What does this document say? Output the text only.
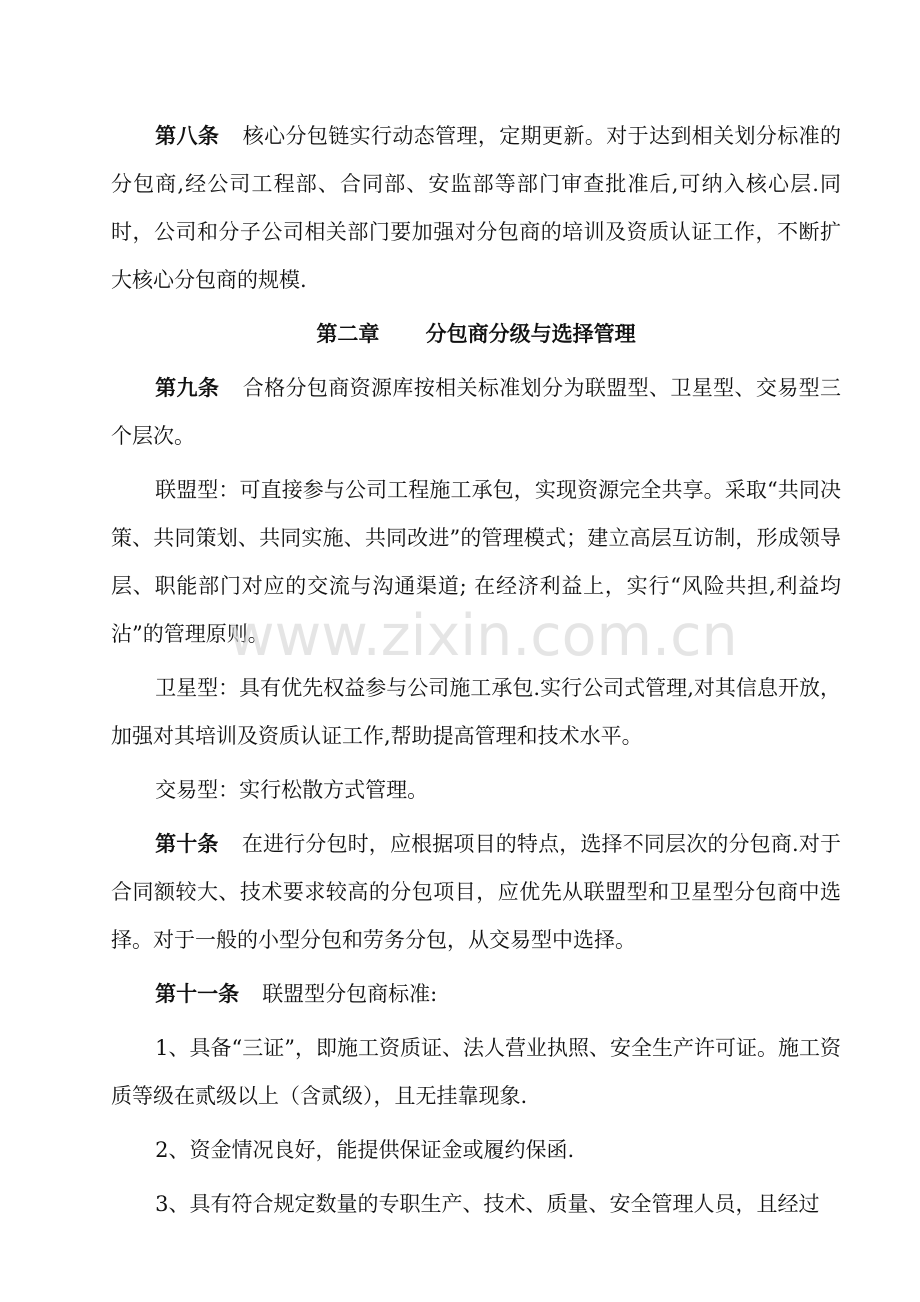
第八条 核心分包链实行动态管理，定期更新。对于达到相关划分标准的分包商,经公司工程部、合同部、安监部等部门审查批准后,可纳入核心层.同时，公司和分子公司相关部门要加强对分包商的培训及资质认证工作，不断扩大核心分包商的规模.

第二章 分包商分级与选择管理

第九条 合格分包商资源库按相关标准划分为联盟型、卫星型、交易型三个层次。

联盟型：可直接参与公司工程施工承包，实现资源完全共享。采取“共同决策、共同策划、共同实施、共同改进”的管理模式；建立高层互访制，形成领导层、职能部门对应的交流与沟通渠道; 在经济利益上，实行“风险共担,利益均沾”的管理原则。

卫星型：具有优先权益参与公司施工承包.实行公司式管理,对其信息开放，加强对其培训及资质认证工作,帮助提高管理和技术水平。

交易型：实行松散方式管理。

第十条 在进行分包时，应根据项目的特点，选择不同层次的分包商.对于合同额较大、技术要求较高的分包项目，应优先从联盟型和卫星型分包商中选择。对于一般的小型分包和劳务分包，从交易型中选择。

第十一条 联盟型分包商标准:

1、具备“三证”，即施工资质证、法人营业执照、安全生产许可证。施工资质等级在贰级以上（含贰级），且无挂靠现象.

2、资金情况良好，能提供保证金或履约保函.

3、具有符合规定数量的专职生产、技术、质量、安全管理人员，且经过

www.zixin.com.cn
